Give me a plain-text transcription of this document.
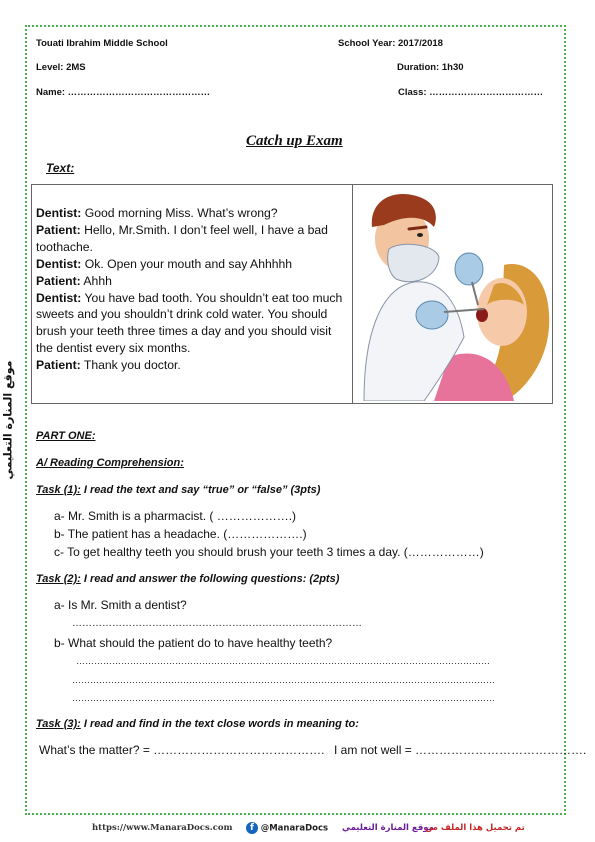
Touati Ibrahim Middle School	School Year: 2017/2018
Level: 2MS	Duration: 1h30
Name: ………………………………………	Class: ………………………………
Catch up Exam
Text:

Dentist: Good morning Miss. What’s wrong?

Patient: Hello, Mr.Smith. I don’t feel well, I have a bad toothache.

Dentist: Ok. Open your mouth and say Ahhhhh

Patient: Ahhh

Dentist: You have bad tooth. You shouldn’t eat too much sweets and you shouldn’t drink cold water. You should brush your teeth three times a day and you should visit the dentist every six months.

Patient: Thank you doctor.

موقع المنارة التعليمي PART ONE:
A/ Reading Comprehension:
Task (1): I read the text and say “true” or “false” (3pts)
a- Mr. Smith is a pharmacist. ( ……………….)
b- The patient has a headache. (……………….)
c- To get healthy teeth you should brush your teeth 3 times a day. (………………)
Task (2): I read and answer the following questions: (2pts)
a- Is Mr. Smith a dentist?
……………………………………………………………………………
b- What should the patient do to have healthy teeth?
…………………………………………………………………………………………………………………………
……………………………………………………………………………………………………………………………
……………………………………………………………………………………………………………………………
Task (3): I read and find in the text close words in meaning to:
What’s the matter? = ……………………………………. I am not well = …………………………………….
https://www.ManaraDocs.com	f @ManaraDocs موقع المنارة التعليمي
تم تحميل هذا الملف من
